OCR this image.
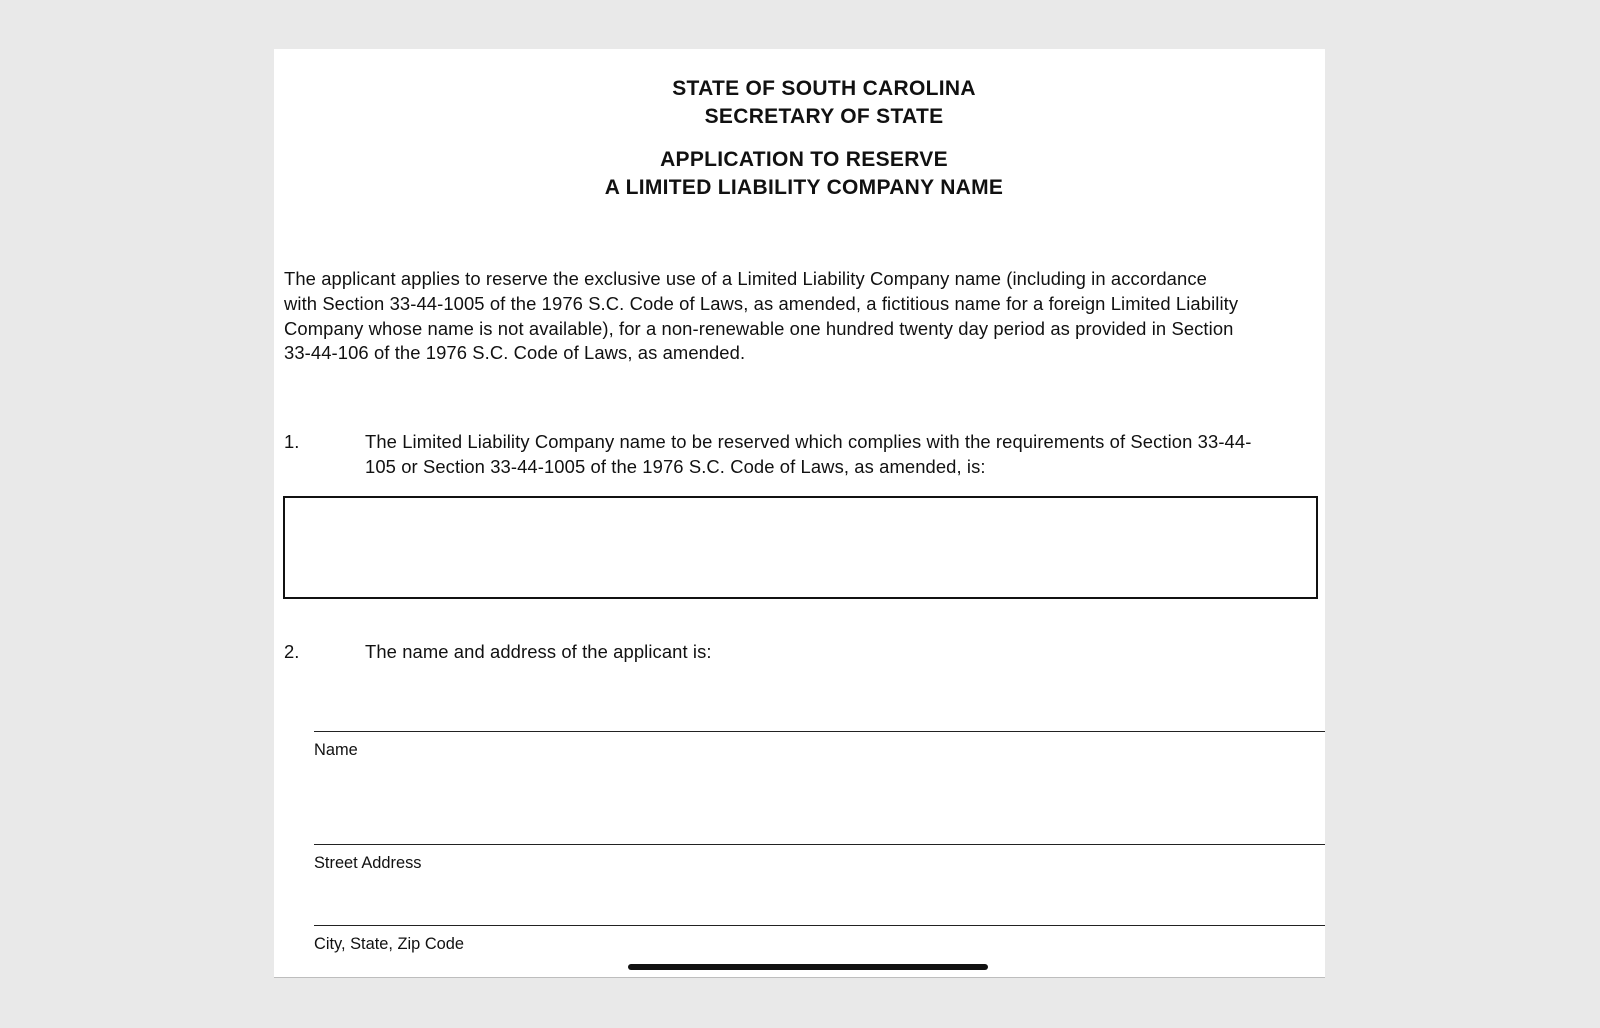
STATE OF SOUTH CAROLINA
SECRETARY OF STATE
APPLICATION TO RESERVE
A LIMITED LIABILITY COMPANY NAME
The applicant applies to reserve the exclusive use of a Limited Liability Company name (including in accordance
with Section 33-44-1005 of the 1976 S.C. Code of Laws, as amended, a fictitious name for a foreign Limited Liability
Company whose name is not available), for a non-renewable one hundred twenty day period as provided in Section
33-44-106 of the 1976 S.C. Code of Laws, as amended.
1.	The Limited Liability Company name to be reserved which complies with the requirements of Section 33-44-
105 or Section 33-44-1005 of the 1976 S.C. Code of Laws, as amended, is:
2.	The name and address of the applicant is:
Name
Street Address
City, State, Zip Code
